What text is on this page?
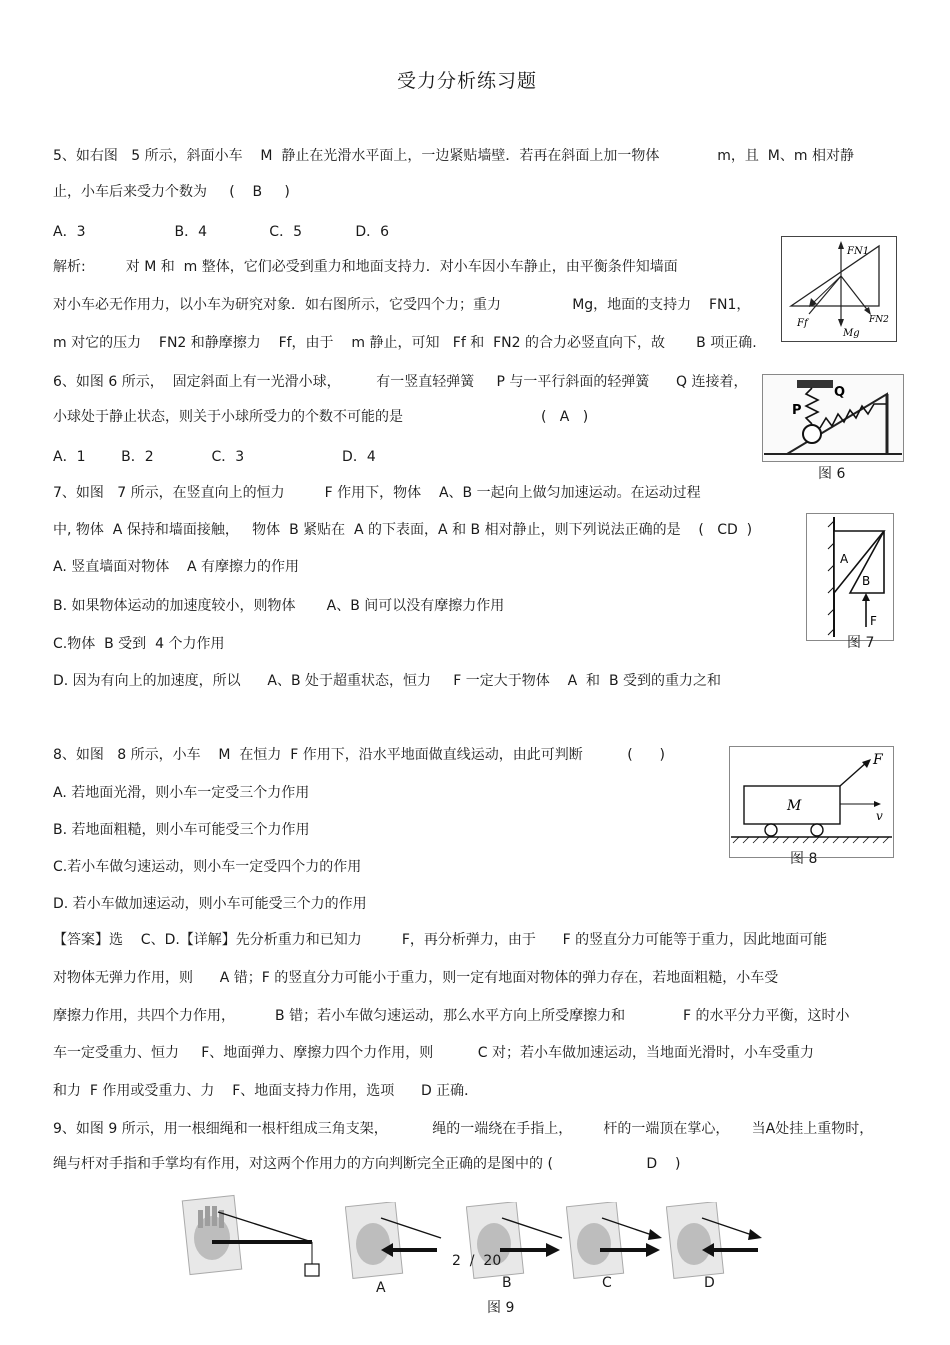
受力分析练习题
5、如右图   5 所示，斜面小车    M  静止在光滑水平面上，一边紧贴墙壁．若再在斜面上加一物体             m，且  M、m 相对静
止，小车后来受力个数为     (    B     )
A．3                    B．4              C．5            D．6
解析:         对 M 和  m 整体，它们必受到重力和地面支持力．对小车因小车静止，由平衡条件知墙面
对小车必无作用力，以小车为研究对象．如右图所示，它受四个力；重力                Mg，地面的支持力    FN1，
m 对它的压力    FN2 和静摩擦力    Ff，由于    m 静止，可知   Ff 和  FN2 的合力必竖直向下，故       B 项正确.
FN1
Ff
Mg
FN2
6、如图 6 所示，  固定斜面上有一光滑小球，        有一竖直轻弹簧     P 与一平行斜面的轻弹簧      Q 连接着，
小球处于静止状态，则关于小球所受力的个数不可能的是                               (   A   )
A．1        B．2             C．3                      D．4
P
Q
图 6
7、如图   7 所示，在竖直向上的恒力         F 作用下，物体    A、B 一起向上做匀加速运动。在运动过程
中, 物体  A 保持和墙面接触，   物体  B 紧贴在  A 的下表面，A 和 B 相对静止，则下列说法正确的是    (   CD  )
A. 竖直墙面对物体    A 有摩擦力的作用
B. 如果物体运动的加速度较小，则物体       A、B 间可以没有摩擦力作用
C.物体  B 受到  4 个力作用
D. 因为有向上的加速度，所以      A、B 处于超重状态，恒力     F 一定大于物体    A  和  B 受到的重力之和
A
B
F
图 7
8、如图   8 所示，小车    M  在恒力  F 作用下，沿水平地面做直线运动，由此可判断          (      )
A. 若地面光滑，则小车一定受三个力作用
B. 若地面粗糙，则小车可能受三个力作用
C.若小车做匀速运动，则小车一定受四个力的作用
D. 若小车做加速运动，则小车可能受三个力的作用
【答案】选    C、D.【详解】先分析重力和已知力         F，再分析弹力，由于      F 的竖直分力可能等于重力，因此地面可能
对物体无弹力作用，则      A 错；F 的竖直分力可能小于重力，则一定有地面对物体的弹力存在，若地面粗糙，小车受
摩擦力作用，共四个力作用，         B 错；若小车做匀速运动，那么水平方向上所受摩擦力和             F 的水平分力平衡，这时小
车一定受重力、恒力     F、地面弹力、摩擦力四个力作用，则          C 对；若小车做加速运动，当地面光滑时，小车受重力
和力  F 作用或受重力、力    F、地面支持力作用，选项      D 正确．
F
M
v
图 8
9、如图 9 所示，用一根细绳和一根杆组成三角支架，          绳的一端绕在手指上，       杆的一端顶在掌心，     当A处挂上重物时，
绳与杆对手指和手掌均有作用，对这两个作用力的方向判断完全正确的是图中的 (                     D    )
A	B	C	D
图 9
2  /  20
